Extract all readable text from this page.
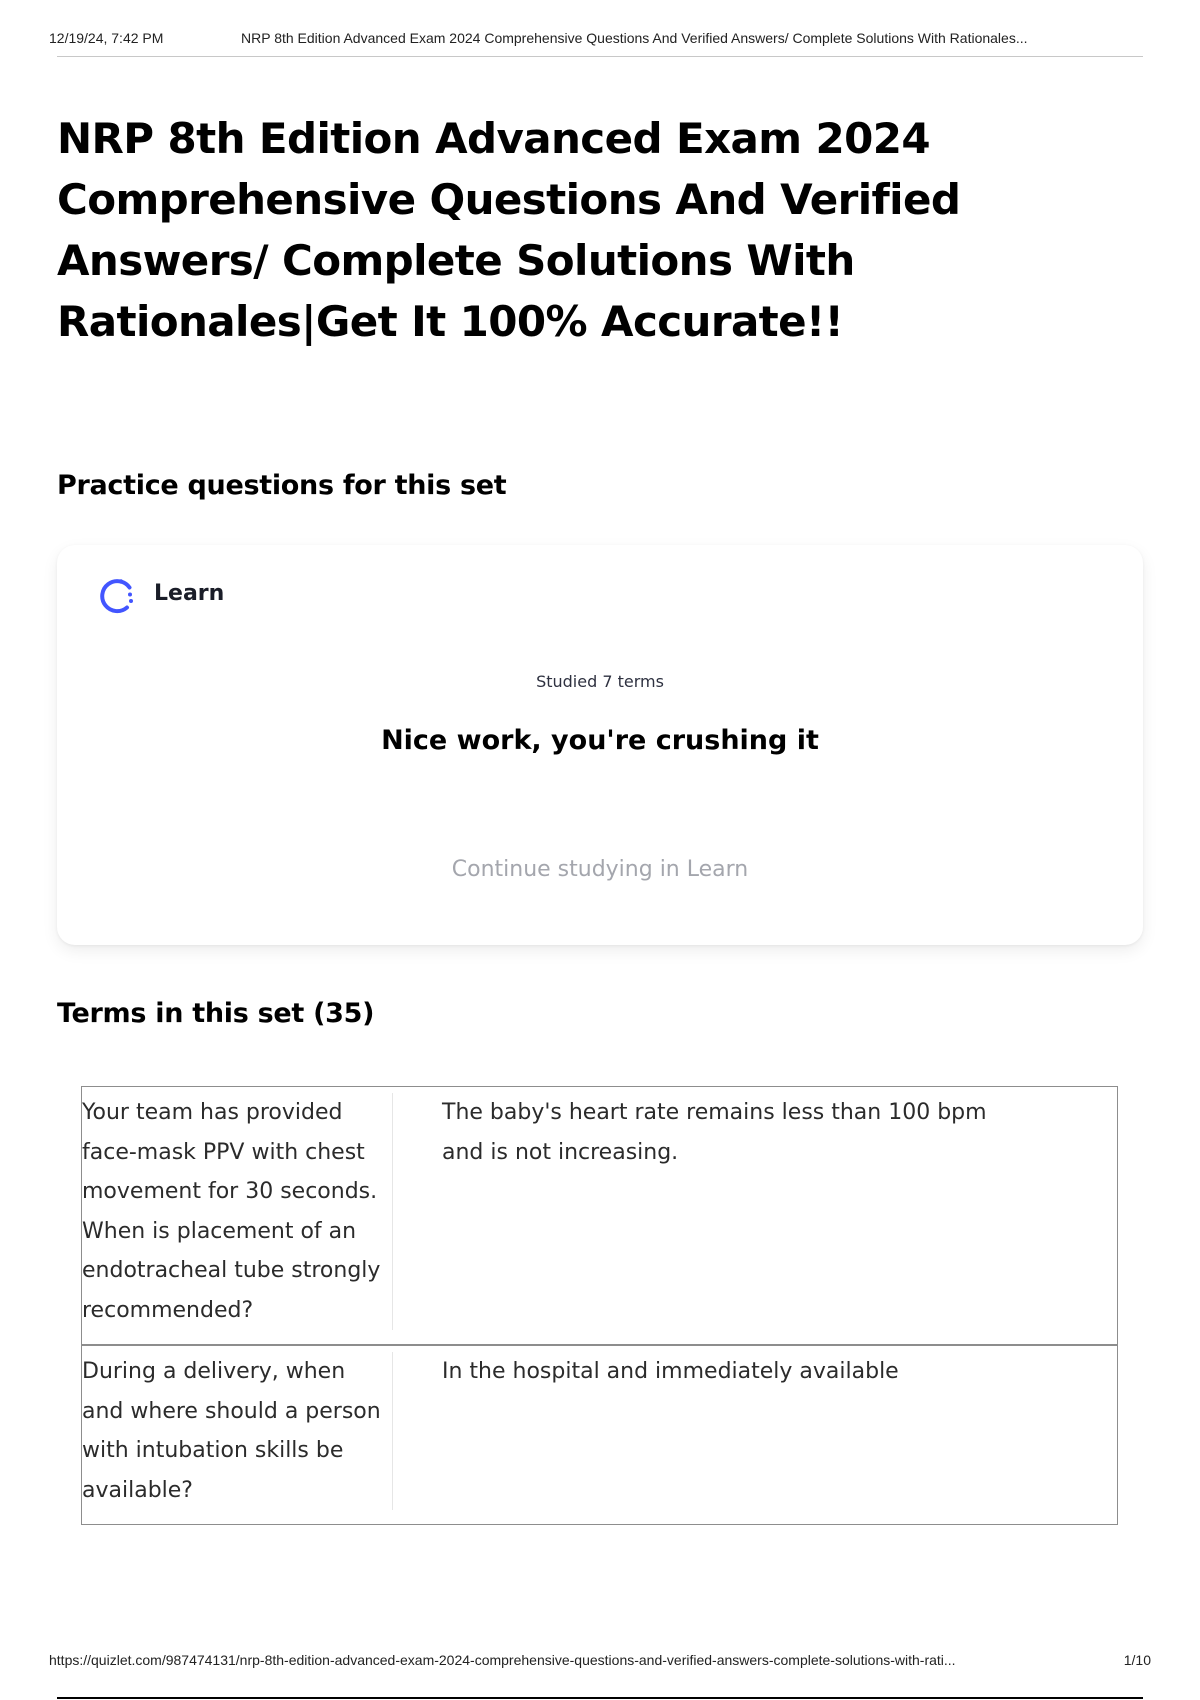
12/19/24, 7:42 PM	NRP 8th Edition Advanced Exam 2024 Comprehensive Questions And Verified Answers/ Complete Solutions With Rationales...
NRP 8th Edition Advanced Exam 2024 Comprehensive Questions And Verified Answers/ Complete Solutions With Rationales|Get It 100% Accurate!!
Practice questions for this set
Learn
Studied 7 terms
Nice work, you're crushing it
Continue studying in Learn
Terms in this set (35)
Your team has provided face-mask PPV with chest movement for 30 seconds. When is placement of an endotracheal tube strongly recommended?
The baby's heart rate remains less than 100 bpm and is not increasing.
During a delivery, when and where should a person with intubation skills be available?
In the hospital and immediately available
https://quizlet.com/987474131/nrp-8th-edition-advanced-exam-2024-comprehensive-questions-and-verified-answers-complete-solutions-with-rati...	1/10
